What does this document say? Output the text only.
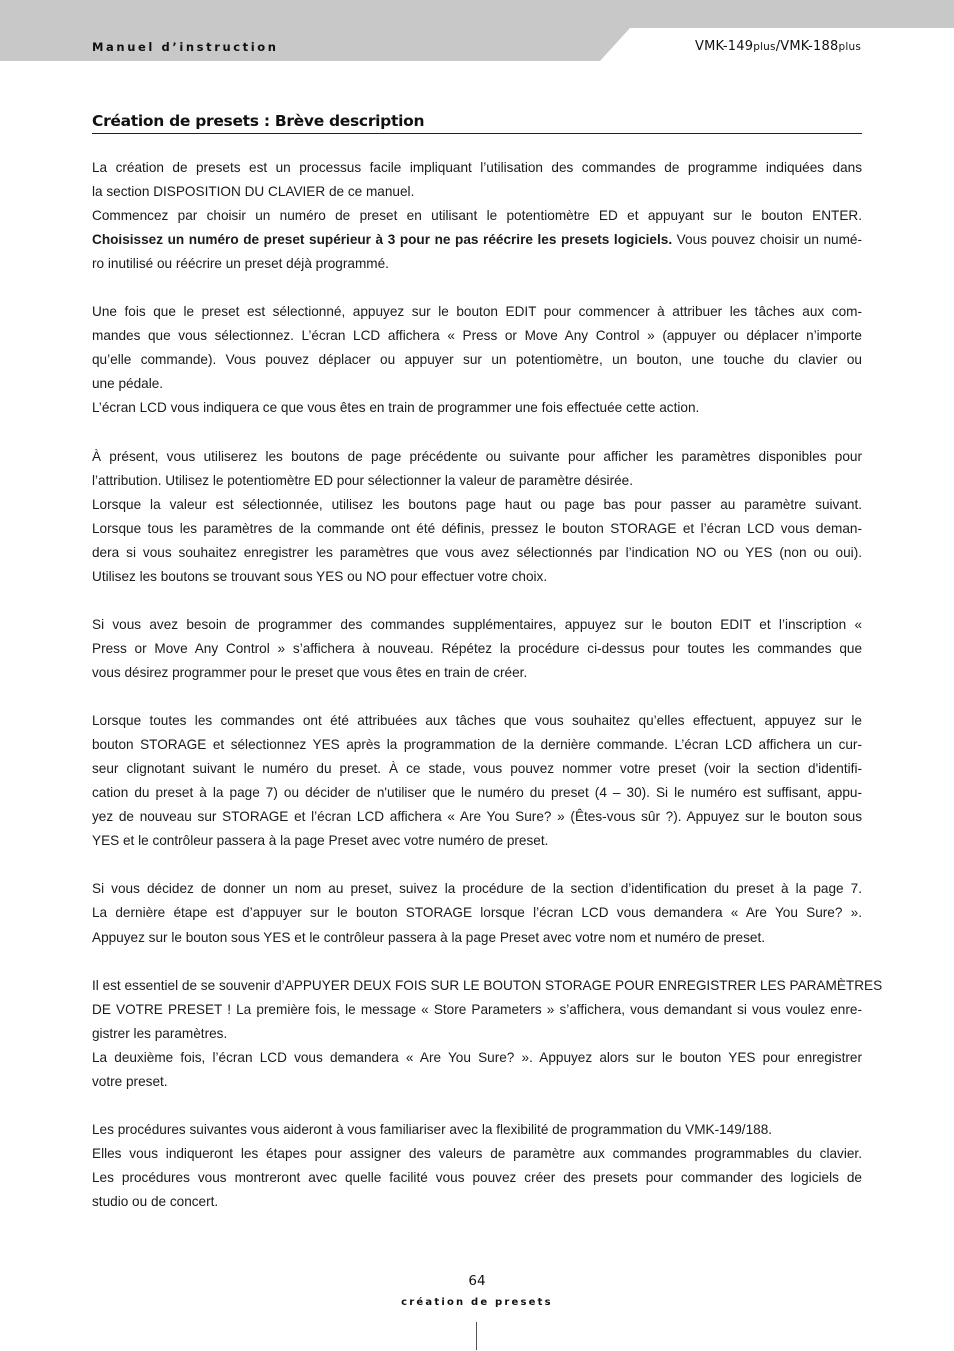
Manuel d’instruction	VMK-149plus/VMK-188plus
Création de presets : Brève description
La création de presets est un processus facile impliquant l’utilisation des commandes de programme indiquées dans
la section DISPOSITION DU CLAVIER de ce manuel.
Commencez par choisir un numéro de preset en utilisant le potentiomètre ED et appuyant sur le bouton ENTER.
Choisissez un numéro de preset supérieur à 3 pour ne pas réécrire les presets logiciels. Vous pouvez choisir un numé-
ro inutilisé ou réécrire un preset déjà programmé.
Une fois que le preset est sélectionné, appuyez sur le bouton EDIT pour commencer à attribuer les tâches aux com-
mandes que vous sélectionnez. L’écran LCD affichera « Press or Move Any Control » (appuyer ou déplacer n’importe
qu’elle commande). Vous pouvez déplacer ou appuyer sur un potentiomètre, un bouton, une touche du clavier ou
une pédale.
L’écran LCD vous indiquera ce que vous êtes en train de programmer une fois effectuée cette action.
À présent, vous utiliserez les boutons de page précédente ou suivante pour afficher les paramètres disponibles pour
l’attribution. Utilisez le potentiomètre ED pour sélectionner la valeur de paramètre désirée.
Lorsque la valeur est sélectionnée, utilisez les boutons page haut ou page bas pour passer au paramètre suivant.
Lorsque tous les paramètres de la commande ont été définis, pressez le bouton STORAGE et l’écran LCD vous deman-
dera si vous souhaitez enregistrer les paramètres que vous avez sélectionnés par l’indication NO ou YES (non ou oui).
Utilisez les boutons se trouvant sous YES ou NO pour effectuer votre choix.
Si vous avez besoin de programmer des commandes supplémentaires, appuyez sur le bouton EDIT et l’inscription «
Press or Move Any Control » s’affichera à nouveau. Répétez la procédure ci-dessus pour toutes les commandes que
vous désirez programmer pour le preset que vous êtes en train de créer.
Lorsque toutes les commandes ont été attribuées aux tâches que vous souhaitez qu’elles effectuent, appuyez sur le
bouton STORAGE et sélectionnez YES après la programmation de la dernière commande. L’écran LCD affichera un cur-
seur clignotant suivant le numéro du preset. À ce stade, vous pouvez nommer votre preset (voir la section d'identifi-
cation du preset à la page 7) ou décider de n'utiliser que le numéro du preset (4 – 30). Si le numéro est suffisant, appu-
yez de nouveau sur STORAGE et l’écran LCD affichera « Are You Sure? » (Êtes-vous sûr ?). Appuyez sur le bouton sous
YES et le contrôleur passera à la page Preset avec votre numéro de preset.
Si vous décidez de donner un nom au preset, suivez la procédure de la section d’identification du preset à la page 7.
La dernière étape est d’appuyer sur le bouton STORAGE lorsque l’écran LCD vous demandera « Are You Sure? ».
Appuyez sur le bouton sous YES et le contrôleur passera à la page Preset avec votre nom et numéro de preset.
Il est essentiel de se souvenir d’APPUYER DEUX FOIS SUR LE BOUTON STORAGE POUR ENREGISTRER LES PARAMÈTRES
DE VOTRE PRESET ! La première fois, le message « Store Parameters » s’affichera, vous demandant si vous voulez enre-
gistrer les paramètres.
La deuxième fois, l’écran LCD vous demandera « Are You Sure? ». Appuyez alors sur le bouton YES pour enregistrer
votre preset.
Les procédures suivantes vous aideront à vous familiariser avec la flexibilité de programmation du VMK-149/188.
Elles vous indiqueront les étapes pour assigner des valeurs de paramètre aux commandes programmables du clavier.
Les procédures vous montreront avec quelle facilité vous pouvez créer des presets pour commander des logiciels de
studio ou de concert.
64
création de presets
